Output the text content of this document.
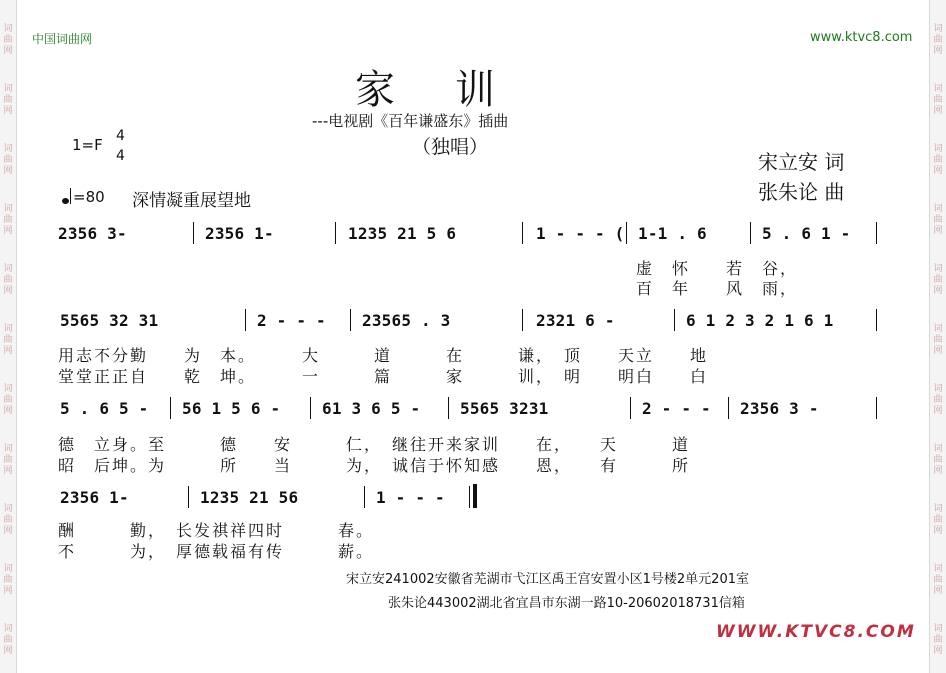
中国词曲网	www.ktvc8.com
家训
---电视剧《百年谦盛东》插曲
（独唱）
1=F 4
4	宋立安 词
张朱论 曲
=80 深情凝重展望地
2356 3-	2356 1-	1235 21 5 6	1 - - - ( 1-1 . 6	5 . 6 1 -
虚　怀　　若　谷，
百　年　　风　雨，
5565 32 31	2 - - - 23565 . 3	2321 6 -	6 1 2 3 2 1 6 1
用志不分勤　　为　本。　　　大　　　道　　　在　　　谦，　顶　　天立　　地
堂堂正正自　　乾　坤。　　　一　　　篇　　　家　　　训，　明　　明白　　白
5 . 6 5 - 56 1 5 6 -	61 3 6 5 - 5565 3231	2 - - - 2356 3 -
德　立身。至　　　德　　安　　　仁，　继往开来家训　　在，　　天　　　道
昭　后坤。为　　　所　　当　　　为，　诚信于怀知感　　恩，　　有　　　所
2356 1-	1235 21 56	1 - - -
酬　　　勤，　长发祺祥四时　　　春。
不　　　为，　厚德载福有传　　　薪。
宋立安241002安徽省芜湖市弋江区禹王宫安置小区1号楼2单元201室
张朱论443002湖北省宜昌市东湖一路10-20602018731信箱
WWW.KTVC8.COM
词
曲
网
词
曲
网
词
曲
网
词
曲
网
词
曲
网
词
曲
网
词
曲
网
词
曲
网
词
曲
网
词
曲
网
词
曲
网
词
曲
网
词
曲
网
词
曲
网
词
曲
网
词
曲
网
词
曲
网
词
曲
网
词
曲
网
词
曲
网
词
曲
网
词
曲
网
